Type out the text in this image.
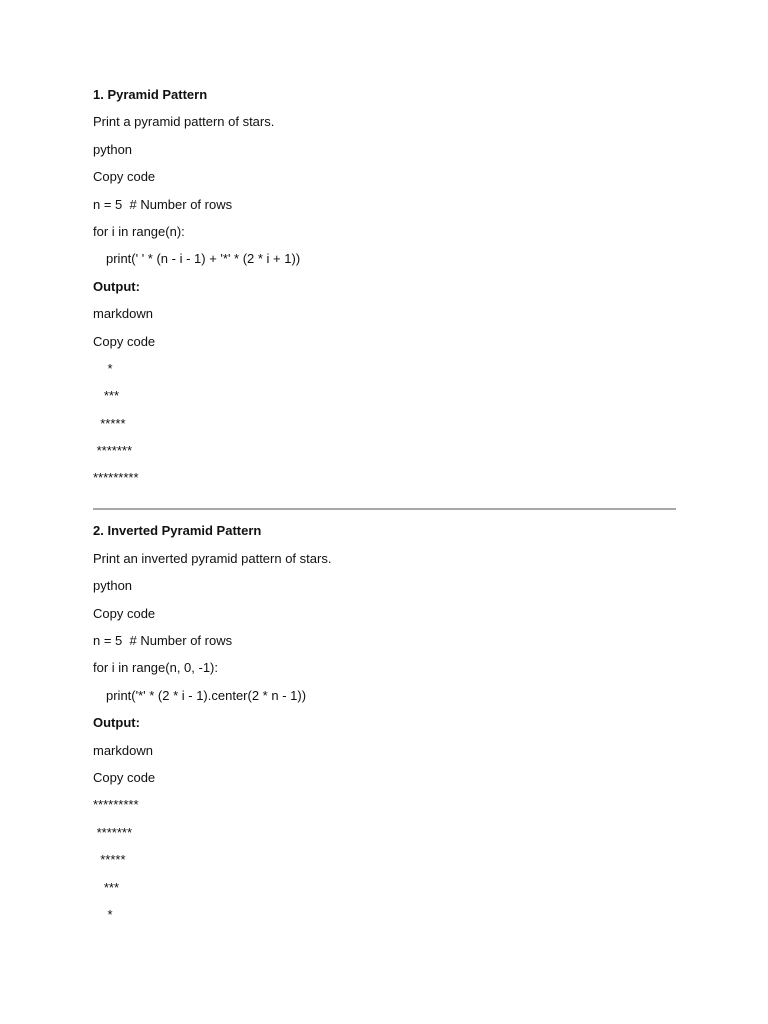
1. Pyramid Pattern
Print a pyramid pattern of stars.
python
Copy code
n = 5  # Number of rows
for i in range(n):
print(' ' * (n - i - 1) + '*' * (2 * i + 1))
Output:
markdown
Copy code
*
***
*****
*******
*********
2. Inverted Pyramid Pattern
Print an inverted pyramid pattern of stars.
python
Copy code
n = 5  # Number of rows
for i in range(n, 0, -1):
print('*' * (2 * i - 1).center(2 * n - 1))
Output:
markdown
Copy code
*********
*******
*****
***
*
